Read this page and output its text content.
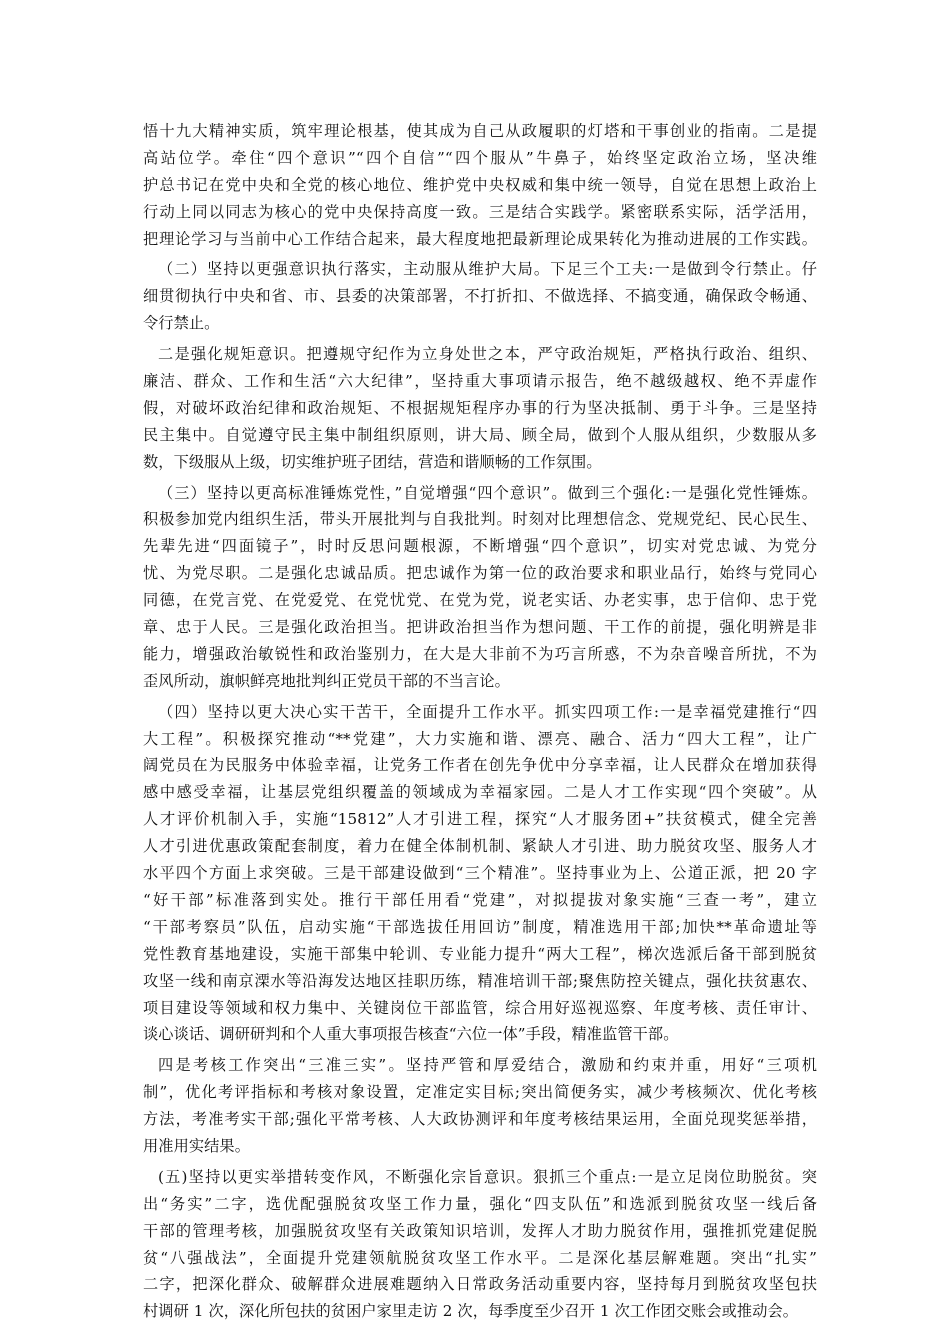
悟十九大精神实质，筑牢理论根基，使其成为自己从政履职的灯塔和干事创业的指南。二是提
高站位学。牵住“四个意识”“四个自信”“四个服从”牛鼻子，始终坚定政治立场，坚决维
护总书记在党中央和全党的核心地位、维护党中央权威和集中统一领导，自觉在思想上政治上
行动上同以同志为核心的党中央保持高度一致。三是结合实践学。紧密联系实际，活学活用，
把理论学习与当前中心工作结合起来，最大程度地把最新理论成果转化为推动进展的工作实践。
（二）坚持以更强意识执行落实，主动服从维护大局。下足三个工夫:一是做到令行禁止。仔
细贯彻执行中央和省、市、县委的决策部署，不打折扣、不做选择、不搞变通，确保政令畅通、
令行禁止。
二是强化规矩意识。把遵规守纪作为立身处世之本，严守政治规矩，严格执行政治、组织、
廉洁、群众、工作和生活“六大纪律”，坚持重大事项请示报告，绝不越级越权、绝不弄虚作
假，对破坏政治纪律和政治规矩、不根据规矩程序办事的行为坚决抵制、勇于斗争。三是坚持
民主集中。自觉遵守民主集中制组织原则，讲大局、顾全局，做到个人服从组织，少数服从多
数，下级服从上级，切实维护班子团结，营造和谐顺畅的工作氛围。
（三）坚持以更高标准锤炼党性，”自觉增强“四个意识”。做到三个强化:一是强化党性锤炼。
积极参加党内组织生活，带头开展批判与自我批判。时刻对比理想信念、党规党纪、民心民生、
先辈先进“四面镜子”，时时反思问题根源，不断增强“四个意识”，切实对党忠诚、为党分
忧、为党尽职。二是强化忠诚品质。把忠诚作为第一位的政治要求和职业品行，始终与党同心
同德，在党言党、在党爱党、在党忧党、在党为党，说老实话、办老实事，忠于信仰、忠于党
章、忠于人民。三是强化政治担当。把讲政治担当作为想问题、干工作的前提，强化明辨是非
能力，增强政治敏锐性和政治鉴别力，在大是大非前不为巧言所惑，不为杂音噪音所扰，不为
歪风所动，旗帜鲜亮地批判纠正党员干部的不当言论。
（四）坚持以更大决心实干苦干，全面提升工作水平。抓实四项工作:一是幸福党建推行“四
大工程”。积极探究推动“**党建”，大力实施和谐、漂亮、融合、活力“四大工程”，让广
阔党员在为民服务中体验幸福，让党务工作者在创先争优中分享幸福，让人民群众在增加获得
感中感受幸福，让基层党组织覆盖的领域成为幸福家园。二是人才工作实现“四个突破”。从
人才评价机制入手，实施“15812”人才引进工程，探究“人才服务团+”扶贫模式，健全完善
人才引进优惠政策配套制度，着力在健全体制机制、紧缺人才引进、助力脱贫攻坚、服务人才
水平四个方面上求突破。三是干部建设做到“三个精准”。坚持事业为上、公道正派，把 20 字
“好干部”标准落到实处。推行干部任用看“党建”，对拟提拔对象实施“三查一考”，建立
“干部考察员”队伍，启动实施“干部选拔任用回访”制度，精准选用干部;加快**革命遗址等
党性教育基地建设，实施干部集中轮训、专业能力提升“两大工程”，梯次选派后备干部到脱贫
攻坚一线和南京溧水等沿海发达地区挂职历练，精准培训干部;聚焦防控关键点，强化扶贫惠农、
项目建设等领域和权力集中、关键岗位干部监管，综合用好巡视巡察、年度考核、责任审计、
谈心谈话、调研研判和个人重大事项报告核查“六位一体”手段，精准监管干部。
四是考核工作突出“三准三实”。坚持严管和厚爱结合，激励和约束并重，用好“三项机
制”，优化考评指标和考核对象设置，定准定实目标;突出简便务实，减少考核频次、优化考核
方法，考准考实干部;强化平常考核、人大政协测评和年度考核结果运用，全面兑现奖惩举措，
用准用实结果。
(五)坚持以更实举措转变作风，不断强化宗旨意识。狠抓三个重点:一是立足岗位助脱贫。突
出“务实”二字，选优配强脱贫攻坚工作力量，强化“四支队伍”和选派到脱贫攻坚一线后备
干部的管理考核，加强脱贫攻坚有关政策知识培训，发挥人才助力脱贫作用，强推抓党建促脱
贫“八强战法”，全面提升党建领航脱贫攻坚工作水平。二是深化基层解难题。突出“扎实”
二字，把深化群众、破解群众进展难题纳入日常政务活动重要内容，坚持每月到脱贫攻坚包扶
村调研 1 次，深化所包扶的贫困户家里走访 2 次，每季度至少召开 1 次工作团交账会或推动会。
